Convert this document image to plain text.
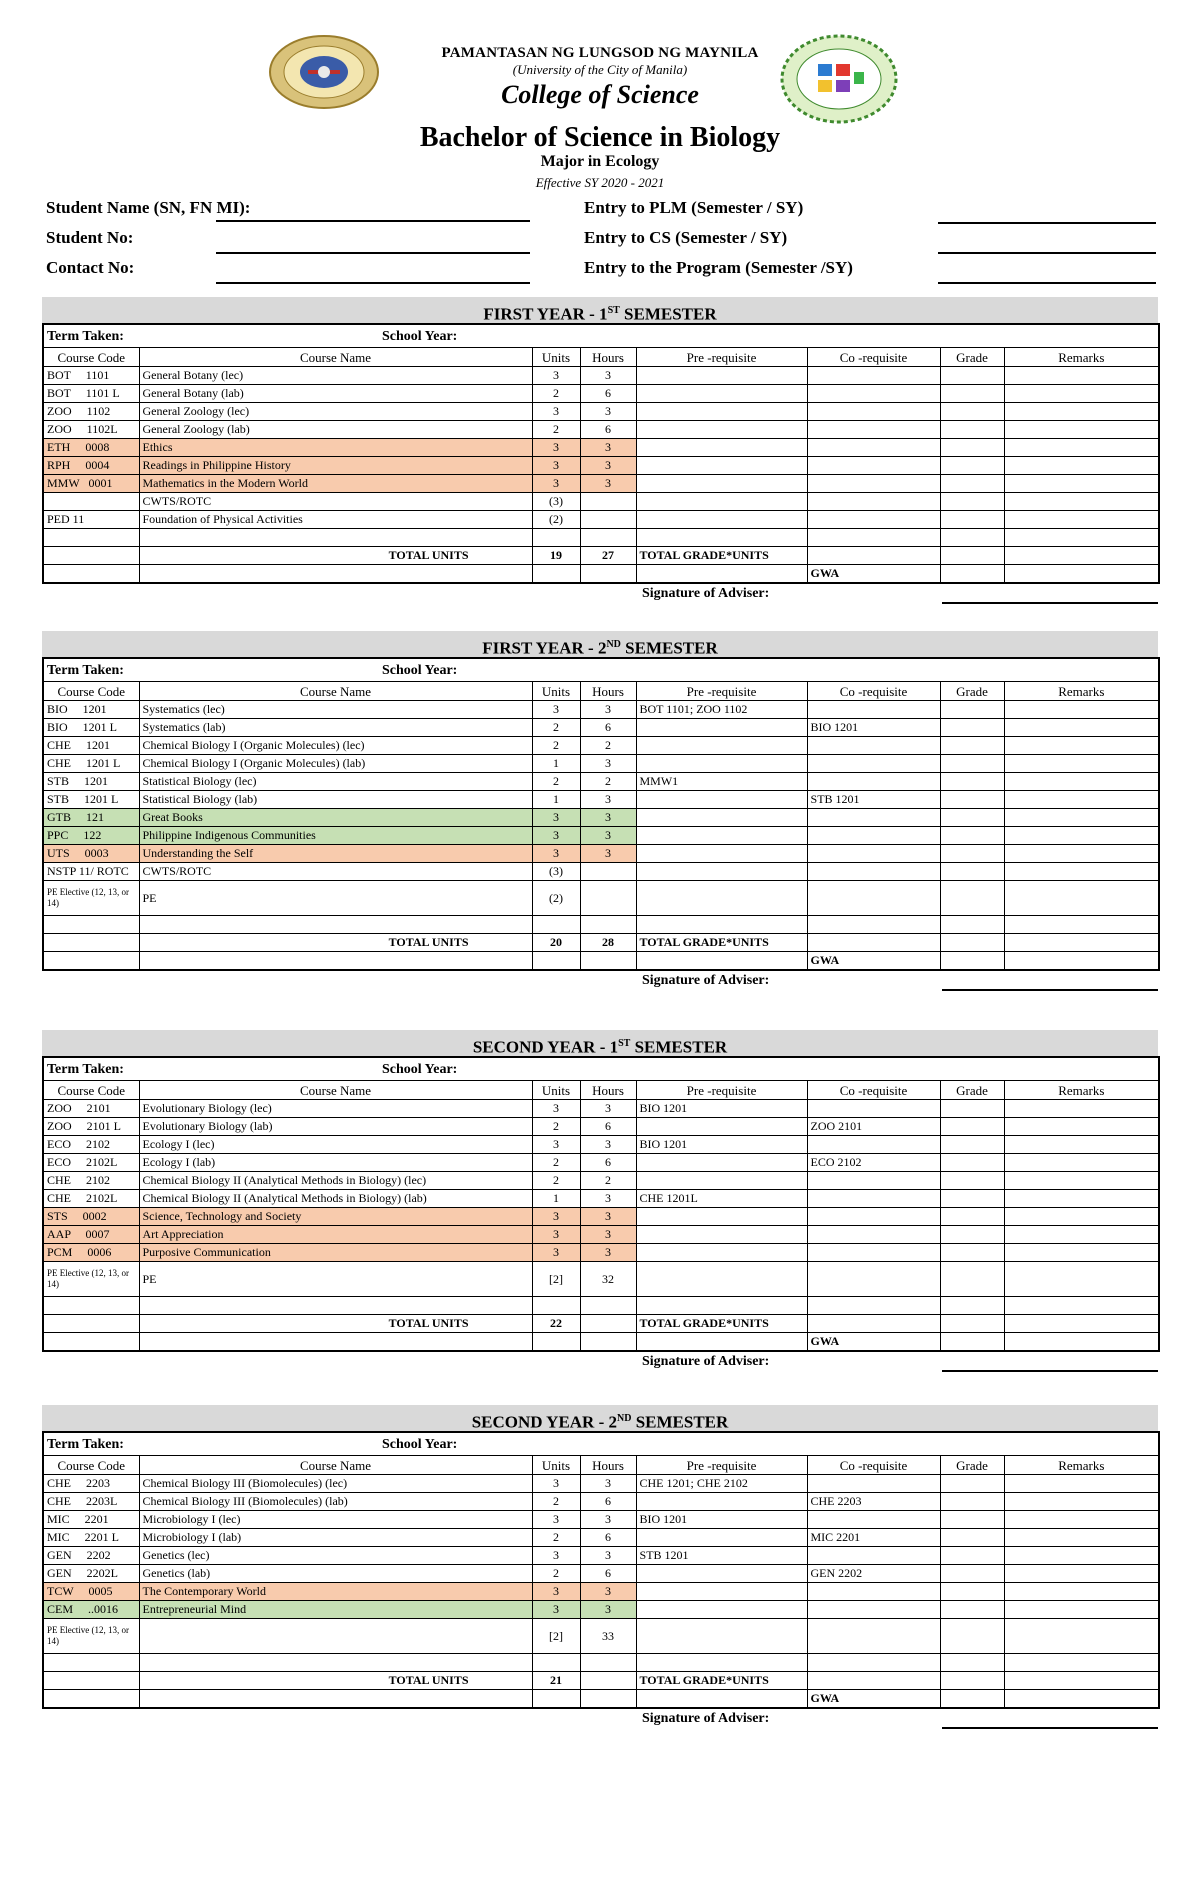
PAMANTASAN NG LUNGSOD NG MAYNILA
(University of the City of Manila)
College of Science
Bachelor of Science in Biology
Major in Ecology
Effective SY 2020 - 2021
Student Name (SN, FN MI):
Student No:
Contact No:
Entry to PLM (Semester / SY)
Entry to CS (Semester / SY)
Entry to the Program (Semester /SY)
FIRST YEAR - 1ST SEMESTER
Term Taken:		School Year:					
Course Code	Course Name	Units	Hours	Pre -requisite	Co -requisite	Grade	Remarks
BOT     1101	General Botany (lec)	3	3				
BOT     1101 L	General Botany (lab)	2	6				
ZOO     1102	General Zoology (lec)	3	3				
ZOO     1102L	General Zoology (lab)	2	6				
ETH     0008	Ethics	3	3				
RPH     0004	Readings in Philippine History	3	3				
MMW   0001	Mathematics in the Modern World	3	3				
	CWTS/ROTC	(3)					
PED 11	Foundation of Physical Activities	(2)					

	TOTAL UNITS	19	27	TOTAL GRADE*UNITS			
					GWA		
Signature of Adviser:
FIRST YEAR - 2ND SEMESTER
Term Taken:		School Year:					
Course Code	Course Name	Units	Hours	Pre -requisite	Co -requisite	Grade	Remarks
BIO     1201	Systematics (lec)	3	3	BOT 1101; ZOO 1102			
BIO     1201 L	Systematics (lab)	2	6		BIO 1201		
CHE     1201	Chemical Biology I (Organic Molecules) (lec)	2	2				
CHE     1201 L	Chemical Biology I (Organic Molecules) (lab)	1	3				
STB     1201	Statistical Biology (lec)	2	2	MMW1			
STB     1201 L	Statistical Biology (lab)	1	3		STB 1201		
GTB     121	Great Books	3	3				
PPC     122	Philippine Indigenous Communities	3	3				
UTS     0003	Understanding the Self	3	3				
NSTP 11/ ROTC	CWTS/ROTC	(3)					

PE Elective (12, 13, or 14)	PE	(2)					

	TOTAL UNITS	20	28	TOTAL GRADE*UNITS			
					GWA		
Signature of Adviser:
SECOND YEAR - 1ST SEMESTER
Term Taken:		School Year:					
Course Code	Course Name	Units	Hours	Pre -requisite	Co -requisite	Grade	Remarks
ZOO     2101	Evolutionary Biology (lec)	3	3	BIO 1201			
ZOO     2101 L	Evolutionary Biology (lab)	2	6		ZOO 2101		
ECO     2102	Ecology I (lec)	3	3	BIO 1201			
ECO     2102L	Ecology I (lab)	2	6		ECO 2102		
CHE     2102	Chemical Biology II (Analytical Methods in Biology) (lec)	2	2				
CHE     2102L	Chemical Biology II (Analytical Methods in Biology) (lab)	1	3	CHE 1201L			
STS     0002	Science, Technology and Society	3	3				
AAP     0007	Art Appreciation	3	3				
PCM     0006	Purposive Communication	3	3				

PE Elective (12, 13, or 14)	PE	[2]	32				

	TOTAL UNITS	22		TOTAL GRADE*UNITS			
					GWA		
Signature of Adviser:
SECOND YEAR - 2ND SEMESTER
Term Taken:		School Year:					
Course Code	Course Name	Units	Hours	Pre -requisite	Co -requisite	Grade	Remarks
CHE     2203	Chemical Biology III (Biomolecules) (lec)	3	3	CHE 1201; CHE 2102			
CHE     2203L	Chemical Biology III (Biomolecules) (lab)	2	6		CHE 2203		
MIC     2201	Microbiology I (lec)	3	3	BIO 1201			
MIC     2201 L	Microbiology I (lab)	2	6		MIC 2201		
GEN     2202	Genetics (lec)	3	3	STB 1201			
GEN     2202L	Genetics (lab)	2	6		GEN 2202		
TCW     0005	The Contemporary World	3	3				
CEM     ..0016	Entrepreneurial Mind	3	3				

PE Elective (12, 13, or 14)		[2]	33				

	TOTAL UNITS	21		TOTAL GRADE*UNITS			
					GWA		
Signature of Adviser:
